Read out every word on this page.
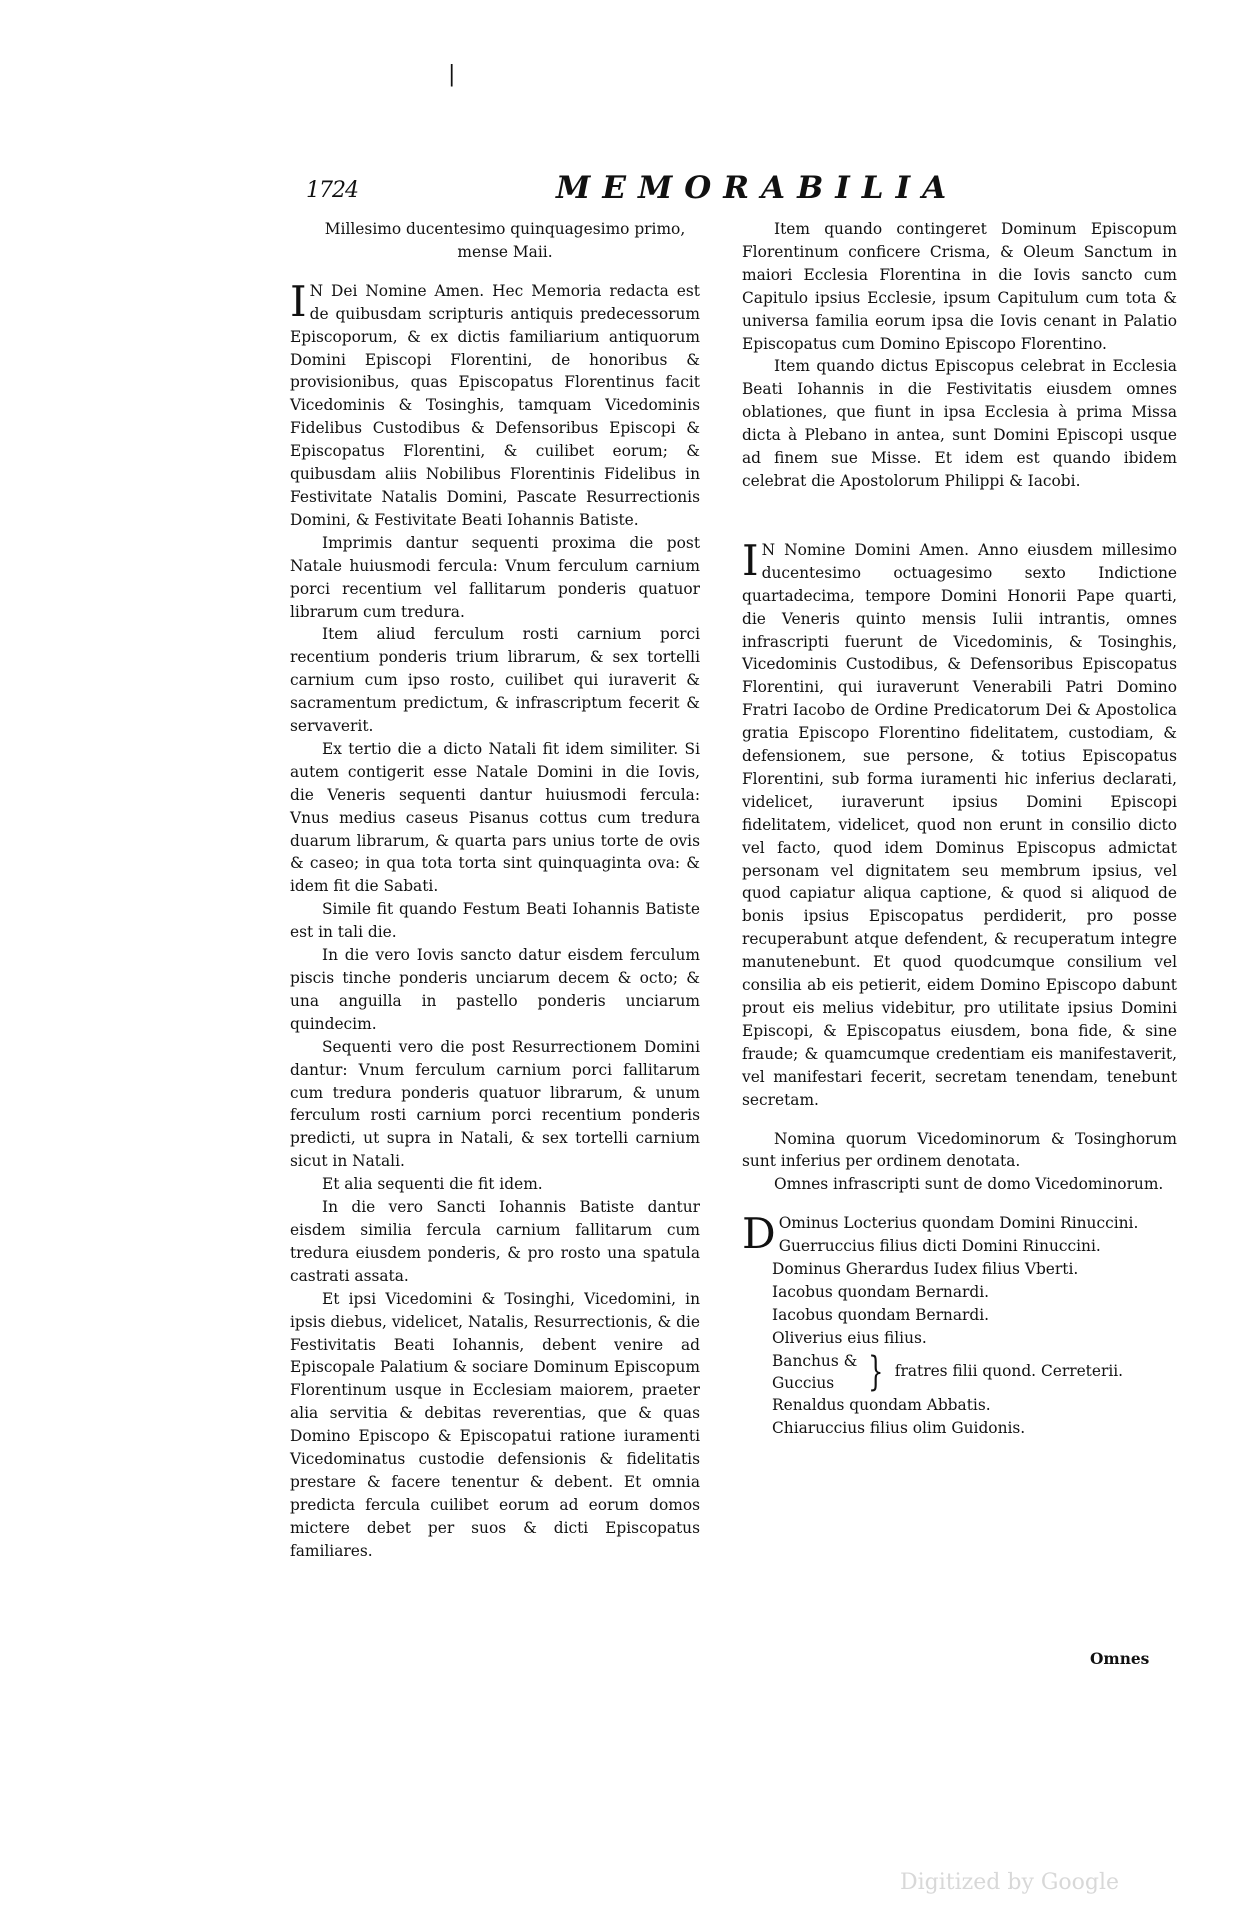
|
1724	MEMORABILIA

Millesimo ducentesimo quinquagesimo primo, mense Maii.

I N Dei Nomine Amen. Hec Memoria redacta est de quibusdam scripturis antiquis predecessorum Episcoporum, & ex dictis familiarium antiquorum Domini Episcopi Florentini, de honoribus & provisionibus, quas Episcopatus Florentinus facit Vicedominis & Tosinghis, tamquam Vicedominis Fidelibus Custodibus & Defensoribus Episcopi & Episcopatus Florentini, & cuilibet eorum; & quibusdam aliis Nobilibus Florentinis Fidelibus in Festivitate Natalis Domini, Pascate Resurrectionis Domini, & Festivitate Beati Iohannis Batiste.

Imprimis dantur sequenti proxima die post Natale huiusmodi fercula: Vnum ferculum carnium porci recentium vel fallitarum ponderis quatuor librarum cum tredura.

Item aliud ferculum rosti carnium porci recentium ponderis trium librarum, & sex tortelli carnium cum ipso rosto, cuilibet qui iuraverit & sacramentum predictum, & infrascriptum fecerit & servaverit.

Ex tertio die a dicto Natali fit idem similiter. Si autem contigerit esse Natale Domini in die Iovis, die Veneris sequenti dantur huiusmodi fercula: Vnus medius caseus Pisanus cottus cum tredura duarum librarum, & quarta pars unius torte de ovis & caseo; in qua tota torta sint quinquaginta ova: & idem fit die Sabati.

Simile fit quando Festum Beati Iohannis Batiste est in tali die.

In die vero Iovis sancto datur eisdem ferculum piscis tinche ponderis unciarum decem & octo; & una anguilla in pastello ponderis unciarum quindecim.

Sequenti vero die post Resurrectionem Domini dantur: Vnum ferculum carnium porci fallitarum cum tredura ponderis quatuor librarum, & unum ferculum rosti carnium porci recentium ponderis predicti, ut supra in Natali, & sex tortelli carnium sicut in Natali.

Et alia sequenti die fit idem.

In die vero Sancti Iohannis Batiste dantur eisdem similia fercula carnium fallitarum cum tredura eiusdem ponderis, & pro rosto una spatula castrati assata.

Et ipsi Vicedomini & Tosinghi, Vicedomini, in ipsis diebus, videlicet, Natalis, Resurrectionis, & die Festivitatis Beati Iohannis, debent venire ad Episcopale Palatium & sociare Dominum Episcopum Florentinum usque in Ecclesiam maiorem, praeter alia servitia & debitas reverentias, que & quas Domino Episcopo & Episcopatui ratione iuramenti Vicedominatus custodie defensionis & fidelitatis prestare & facere tenentur & debent. Et omnia predicta fercula cuilibet eorum ad eorum domos mictere debet per suos & dicti Episcopatus familiares.

Item quando contingeret Dominum Episcopum Florentinum conficere Crisma, & Oleum Sanctum in maiori Ecclesia Florentina in die Iovis sancto cum Capitulo ipsius Ecclesie, ipsum Capitulum cum tota & universa familia eorum ipsa die Iovis cenant in Palatio Episcopatus cum Domino Episcopo Florentino.

Item quando dictus Episcopus celebrat in Ecclesia Beati Iohannis in die Festivitatis eiusdem omnes oblationes, que fiunt in ipsa Ecclesia à prima Missa dicta à Plebano in antea, sunt Domini Episcopi usque ad finem sue Misse. Et idem est quando ibidem celebrat die Apostolorum Philippi & Iacobi.

I N Nomine Domini Amen. Anno eiusdem millesimo ducentesimo octuagesimo sexto Indictione quartadecima, tempore Domini Honorii Pape quarti, die Veneris quinto mensis Iulii intrantis, omnes infrascripti fuerunt de Vicedominis, & Tosinghis, Vicedominis Custodibus, & Defensoribus Episcopatus Florentini, qui iuraverunt Venerabili Patri Domino Fratri Iacobo de Ordine Predicatorum Dei & Apostolica gratia Episcopo Florentino fidelitatem, custodiam, & defensionem, sue persone, & totius Episcopatus Florentini, sub forma iuramenti hic inferius declarati, videlicet, iuraverunt ipsius Domini Episcopi fidelitatem, videlicet, quod non erunt in consilio dicto vel facto, quod idem Dominus Episcopus admictat personam vel dignitatem seu membrum ipsius, vel quod capiatur aliqua captione, & quod si aliquod de bonis ipsius Episcopatus perdiderit, pro posse recuperabunt atque defendent, & recuperatum integre manutenebunt. Et quod quodcumque consilium vel consilia ab eis petierit, eidem Domino Episcopo dabunt prout eis melius videbitur, pro utilitate ipsius Domini Episcopi, & Episcopatus eiusdem, bona fide, & sine fraude; & quamcumque credentiam eis manifestaverit, vel manifestari fecerit, secretam tenendam, tenebunt secretam.

Nomina quorum Vicedominorum & Tosinghorum sunt inferius per ordinem denotata.

Omnes infrascripti sunt de domo Vicedominorum.

D Ominus Locterius quondam Domini Rinuccini.

Guerruccius filius dicti Domini Rinuccini.

Dominus Gherardus Iudex filius Vberti.

Iacobus quondam Bernardi.

Iacobus quondam Bernardi.

Oliverius eius filius.

Banchus &
Guccius } fratres filii quond. Cerreterii.

Renaldus quondam Abbatis.

Chiaruccius filius olim Guidonis.

Omnes
Digitized by Google
